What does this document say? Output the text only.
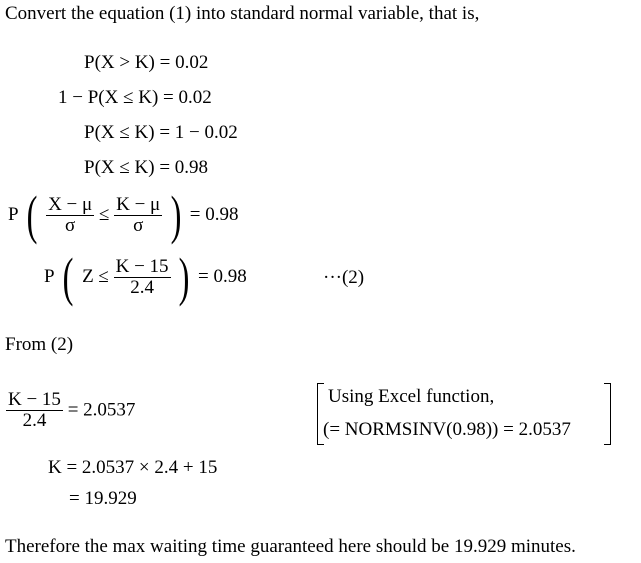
Convert the equation (1) into standard normal variable, that is,
P(X > K) = 0.02
1 − P(X ≤ K) = 0.02
P(X ≤ K) = 1 − 0.02
P(X ≤ K) = 0.98
P ( $\frac{X - \mu}{\sigma} \le \frac{K - \mu}{\sigma}$ ) = 0.98
P ( $Z \le \frac{K - 15}{2.4}$ ) = 0.98	···(2)
From (2)
$\frac{K - 15}{2.4} = 2.0537$
K = 2.0537 × 2.4 + 15
= 19.929
Using Excel function,
(= NORMSINV(0.98)) = 2.0537
Therefore the max waiting time guaranteed here should be 19.929 minutes.
